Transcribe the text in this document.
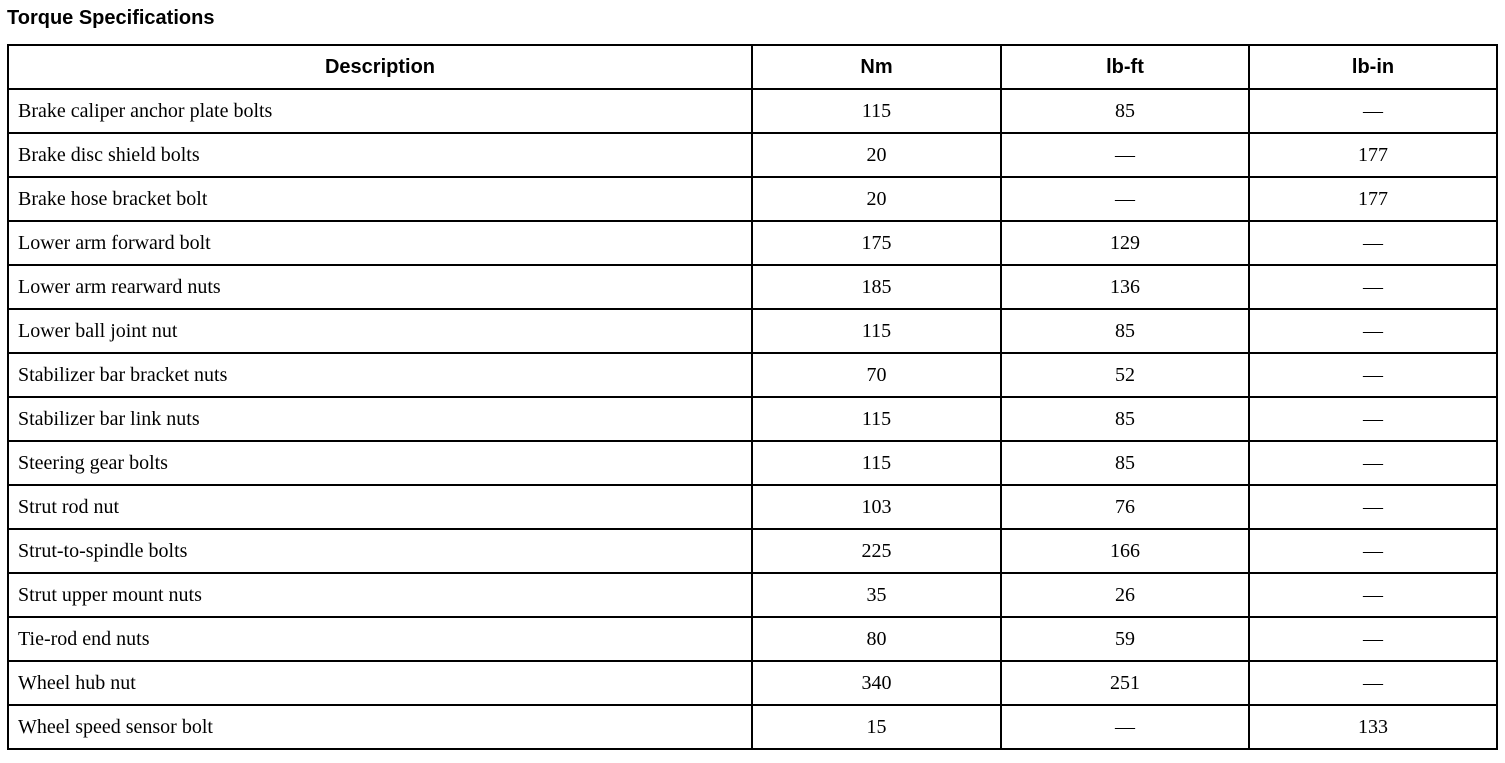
Torque Specifications
Description	Nm	lb-ft	lb-in
Brake caliper anchor plate bolts	115	85	—
Brake disc shield bolts	20	—	177
Brake hose bracket bolt	20	—	177
Lower arm forward bolt	175	129	—
Lower arm rearward nuts	185	136	—
Lower ball joint nut	115	85	—
Stabilizer bar bracket nuts	70	52	—
Stabilizer bar link nuts	115	85	—
Steering gear bolts	115	85	—
Strut rod nut	103	76	—
Strut-to-spindle bolts	225	166	—
Strut upper mount nuts	35	26	—
Tie-rod end nuts	80	59	—
Wheel hub nut	340	251	—
Wheel speed sensor bolt	15	—	133
